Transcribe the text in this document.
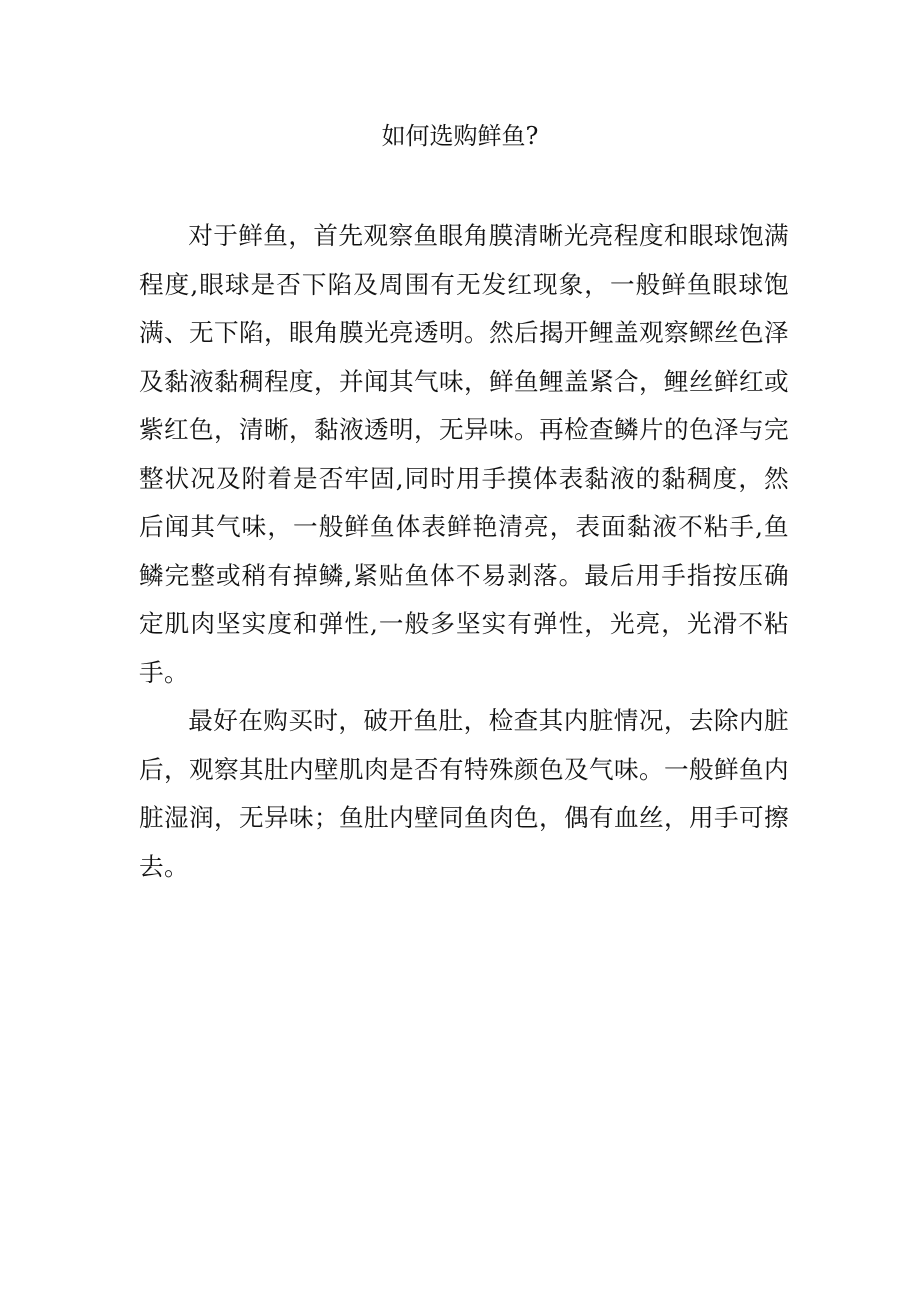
如何选购鲜鱼?

对于鲜鱼，首先观察鱼眼角膜清晰光亮程度和眼球饱满程度,眼球是否下陷及周围有无发红现象，一般鲜鱼眼球饱满、无下陷，眼角膜光亮透明。然后揭开鲤盖观察鳏丝色泽及黏液黏稠程度，并闻其气味，鲜鱼鲤盖紧合，鲤丝鲜红或紫红色，清晰，黏液透明，无异味。再检查鳞片的色泽与完整状况及附着是否牢固,同时用手摸体表黏液的黏稠度，然后闻其气味，一般鲜鱼体表鲜艳清亮，表面黏液不粘手,鱼鳞完整或稍有掉鳞,紧贴鱼体不易剥落。最后用手指按压确定肌肉坚实度和弹性,一般多坚实有弹性，光亮，光滑不粘手。

最好在购买时，破开鱼肚，检查其内脏情况，去除内脏后，观察其肚内壁肌肉是否有特殊颜色及气味。一般鲜鱼内脏湿润，无异味；鱼肚内壁同鱼肉色，偶有血丝，用手可擦去。
